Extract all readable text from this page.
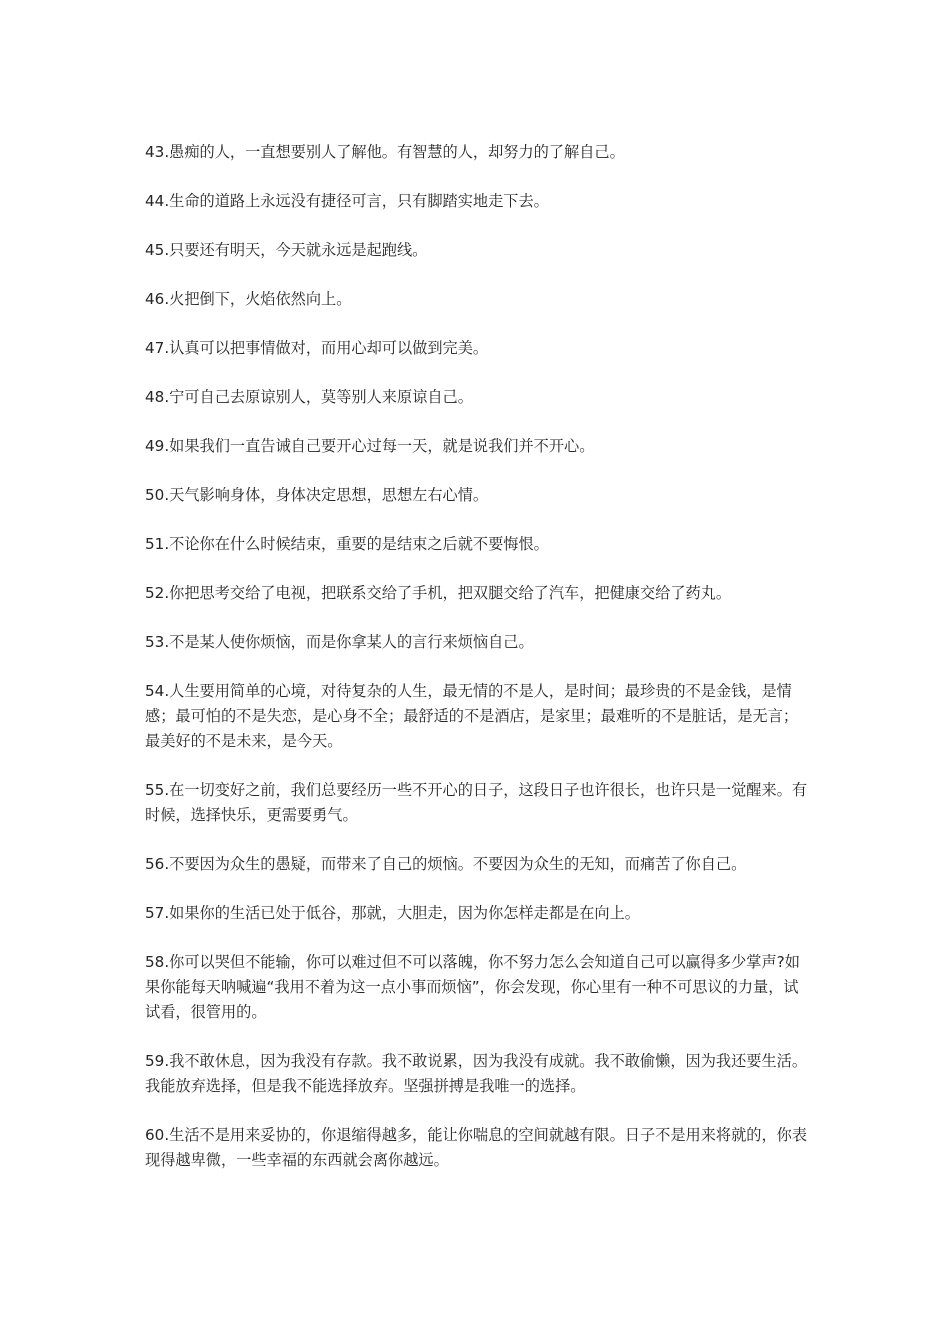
43.愚痴的人，一直想要别人了解他。有智慧的人，却努力的了解自己。

44.生命的道路上永远没有捷径可言，只有脚踏实地走下去。

45.只要还有明天，今天就永远是起跑线。

46.火把倒下，火焰依然向上。

47.认真可以把事情做对，而用心却可以做到完美。

48.宁可自己去原谅别人，莫等别人来原谅自己。

49.如果我们一直告诫自己要开心过每一天，就是说我们并不开心。

50.天气影响身体，身体决定思想，思想左右心情。

51.不论你在什么时候结束，重要的是结束之后就不要悔恨。

52.你把思考交给了电视，把联系交给了手机，把双腿交给了汽车，把健康交给了药丸。

53.不是某人使你烦恼，而是你拿某人的言行来烦恼自己。

54.人生要用简单的心境，对待复杂的人生，最无情的不是人，是时间；最珍贵的不是金钱，是情感；最可怕的不是失恋，是心身不全；最舒适的不是酒店，是家里；最难听的不是脏话，是无言；最美好的不是未来，是今天。

55.在一切变好之前，我们总要经历一些不开心的日子，这段日子也许很长，也许只是一觉醒来。有时候，选择快乐，更需要勇气。

56.不要因为众生的愚疑，而带来了自己的烦恼。不要因为众生的无知，而痛苦了你自己。

57.如果你的生活已处于低谷，那就，大胆走，因为你怎样走都是在向上。

58.你可以哭但不能输，你可以难过但不可以落魄，你不努力怎么会知道自己可以赢得多少掌声?如果你能每天呐喊遍“我用不着为这一点小事而烦恼”，你会发现，你心里有一种不可思议的力量，试试看，很管用的。

59.我不敢休息，因为我没有存款。我不敢说累，因为我没有成就。我不敢偷懒，因为我还要生活。我能放弃选择，但是我不能选择放弃。坚强拼搏是我唯一的选择。

60.生活不是用来妥协的，你退缩得越多，能让你喘息的空间就越有限。日子不是用来将就的，你表现得越卑微，一些幸福的东西就会离你越远。
